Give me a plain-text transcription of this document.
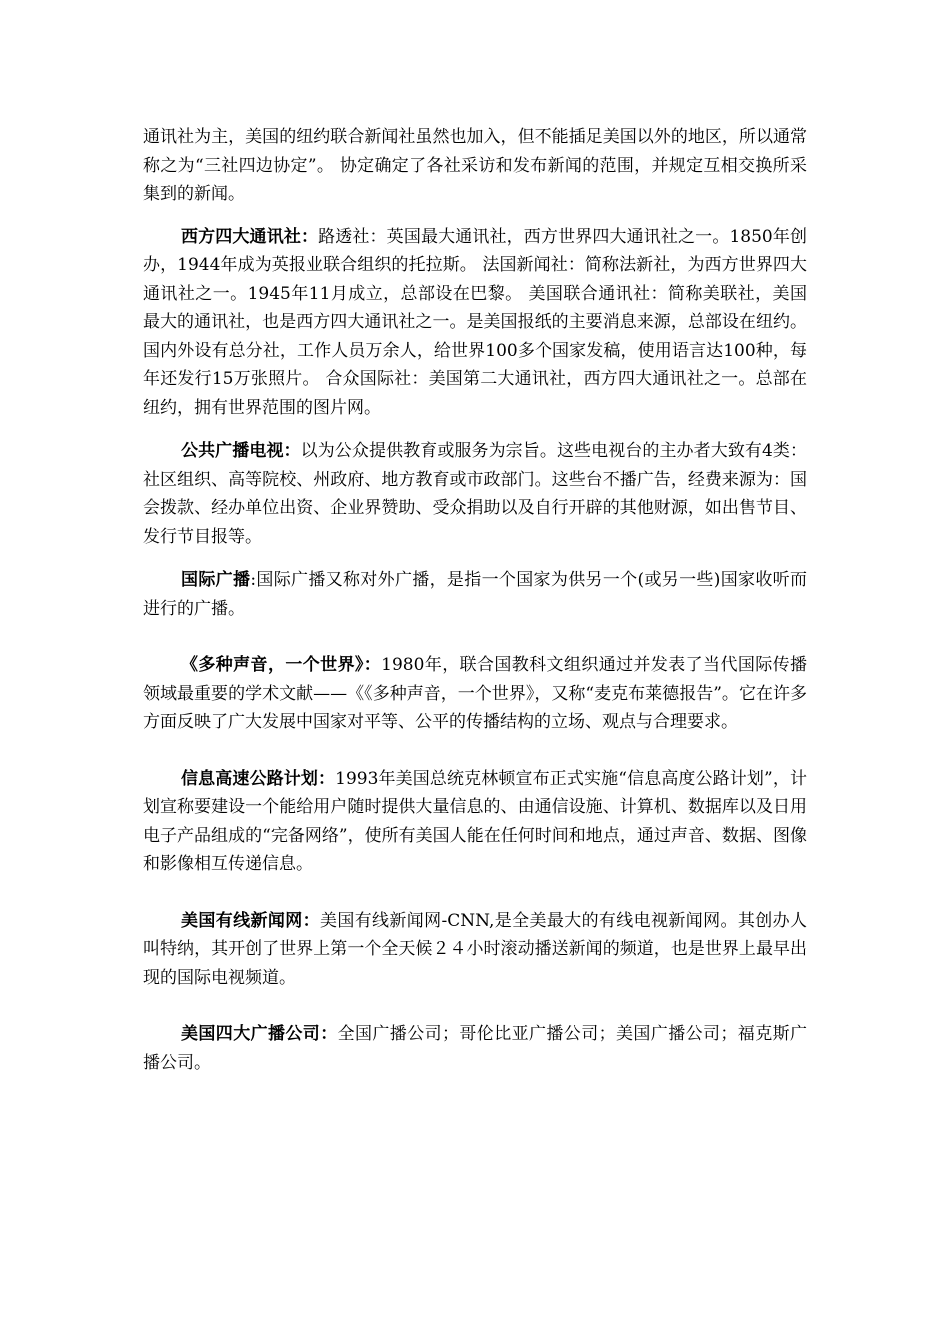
通讯社为主，美国的纽约联合新闻社虽然也加入，但不能插足美国以外的地区，所以通常称之为“三社四边协定”。 协定确定了各社采访和发布新闻的范围，并规定互相交换所采集到的新闻。

西方四大通讯社：路透社：英国最大通讯社，西方世界四大通讯社之一。1850年创办，1944年成为英报业联合组织的托拉斯。 法国新闻社：简称法新社，为西方世界四大通讯社之一。1945年11月成立，总部设在巴黎。 美国联合通讯社：简称美联社，美国最大的通讯社，也是西方四大通讯社之一。是美国报纸的主要消息来源，总部设在纽约。国内外设有总分社，工作人员万余人，给世界100多个国家发稿，使用语言达100种，每年还发行15万张照片。 合众国际社：美国第二大通讯社，西方四大通讯社之一。总部在纽约，拥有世界范围的图片网。

公共广播电视：以为公众提供教育或服务为宗旨。这些电视台的主办者大致有4类：社区组织、高等院校、州政府、地方教育或市政部门。这些台不播广告，经费来源为：国会拨款、经办单位出资、企业界赞助、受众捐助以及自行开辟的其他财源，如出售节目、发行节目报等。

国际广播:国际广播又称对外广播，是指一个国家为供另一个(或另一些)国家收听而进行的广播。

《多种声音，一个世界》：1980年，联合国教科文组织通过并发表了当代国际传播领域最重要的学术文献——《《多种声音，一个世界》，又称“麦克布莱德报告”。它在许多方面反映了广大发展中国家对平等、公平的传播结构的立场、观点与合理要求。

信息高速公路计划：1993年美国总统克林顿宣布正式实施“信息高度公路计划”，计划宣称要建设一个能给用户随时提供大量信息的、由通信设施、计算机、数据库以及日用电子产品组成的“完备网络”，使所有美国人能在任何时间和地点，通过声音、数据、图像和影像相互传递信息。

美国有线新闻网：美国有线新闻网-CNN,是全美最大的有线电视新闻网。其创办人叫特纳，其开创了世界上第一个全天候２４小时滚动播送新闻的频道，也是世界上最早出现的国际电视频道。

美国四大广播公司：全国广播公司；哥伦比亚广播公司；美国广播公司；福克斯广播公司。
